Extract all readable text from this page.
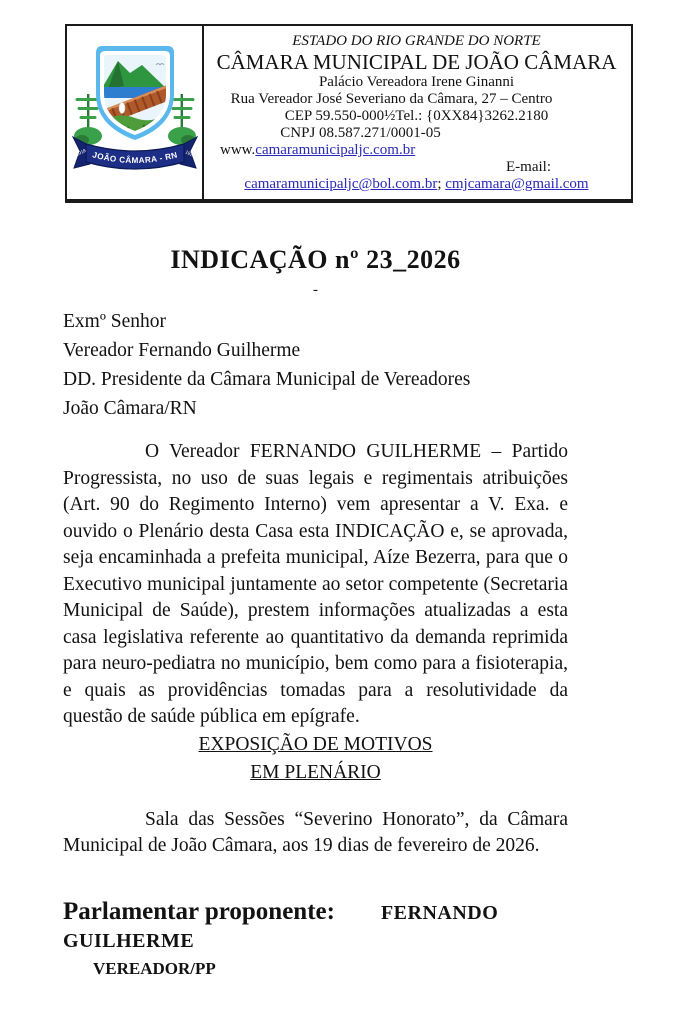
JOÃO CÂMARA - RN
1918	1928
ESTADO DO RIO GRANDE DO NORTE
CÂMARA MUNICIPAL DE JOÃO CÂMARA
Palácio Vereadora Irene Ginanni
Rua Vereador José Severiano da Câmara, 27 – Centro
CEP 59.550-000½Tel.: {0XX84}3262.2180
CNPJ 08.587.271/0001-05
www.camaramunicipaljc.com.br
E-mail:
camaramunicipaljc@bol.com.br; cmjcamara@gmail.com
INDICAÇÃO nº 23_2026
-
Exmº Senhor
Vereador Fernando Guilherme
DD. Presidente da Câmara Municipal de Vereadores
João Câmara/RN

O Vereador FERNANDO GUILHERME – Partido Progressista, no uso de suas legais e regimentais atribuições (Art. 90 do Regimento Interno) vem apresentar a V. Exa. e ouvido o Plenário desta Casa esta INDICAÇÃO e, se aprovada, seja encaminhada a prefeita municipal, Aíze Bezerra, para que o Executivo municipal juntamente ao setor competente (Secretaria Municipal de Saúde), prestem informações atualizadas a esta casa legislativa referente ao quantitativo da demanda reprimida para neuro-pediatra no município, bem como para a fisioterapia, e quais as providências tomadas para a resolutividade da questão de saúde pública em epígrafe.

EXPOSIÇÃO DE MOTIVOS
EM PLENÁRIO

Sala das Sessões “Severino Honorato”, da Câmara Municipal de João Câmara, aos 19 dias de fevereiro de 2026.

Parlamentar proponente: FERNANDO
GUILHERME
VEREADOR/PP
